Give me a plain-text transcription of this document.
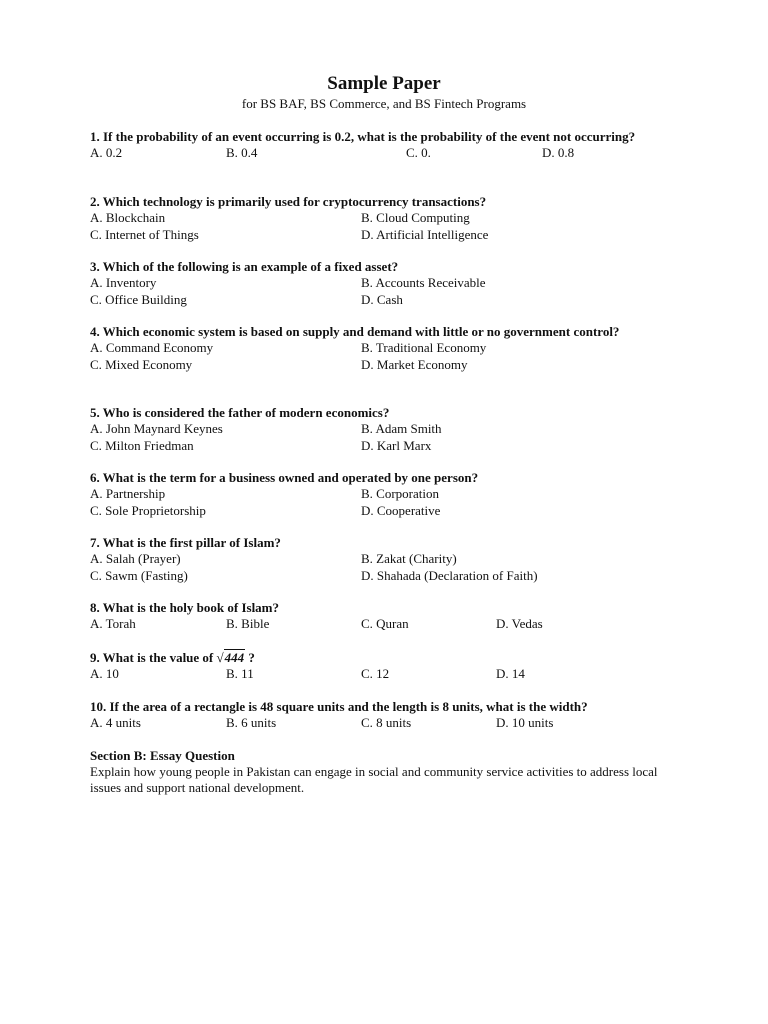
Sample Paper
for BS BAF, BS Commerce, and BS Fintech Programs
1. If the probability of an event occurring is 0.2, what is the probability of the event not occurring?
A. 0.2	B. 0.4	C. 0.	D. 0.8
2. Which technology is primarily used for cryptocurrency transactions?
A. Blockchain	B. Cloud Computing
C. Internet of Things	D. Artificial Intelligence
3. Which of the following is an example of a fixed asset?
A. Inventory	B. Accounts Receivable
C. Office Building	D. Cash
4. Which economic system is based on supply and demand with little or no government control?
A. Command Economy	B. Traditional Economy
C. Mixed Economy	D. Market Economy
5. Who is considered the father of modern economics?
A. John Maynard Keynes	B. Adam Smith
C. Milton Friedman	D. Karl Marx
6. What is the term for a business owned and operated by one person?
A. Partnership	B. Corporation
C. Sole Proprietorship	D. Cooperative
7. What is the first pillar of Islam?
A. Salah (Prayer)	B. Zakat (Charity)
C. Sawm (Fasting)	D. Shahada (Declaration of Faith)
8. What is the holy book of Islam?
A. Torah	B. Bible	C. Quran	D. Vedas
9. What is the value of √444 ?
A. 10	B. 11	C. 12	D. 14
10. If the area of a rectangle is 48 square units and the length is 8 units, what is the width?
A. 4 units	B. 6 units	C. 8 units	D. 10 units
Section B: Essay Question
Explain how young people in Pakistan can engage in social and community service activities to address local issues and support national development.
